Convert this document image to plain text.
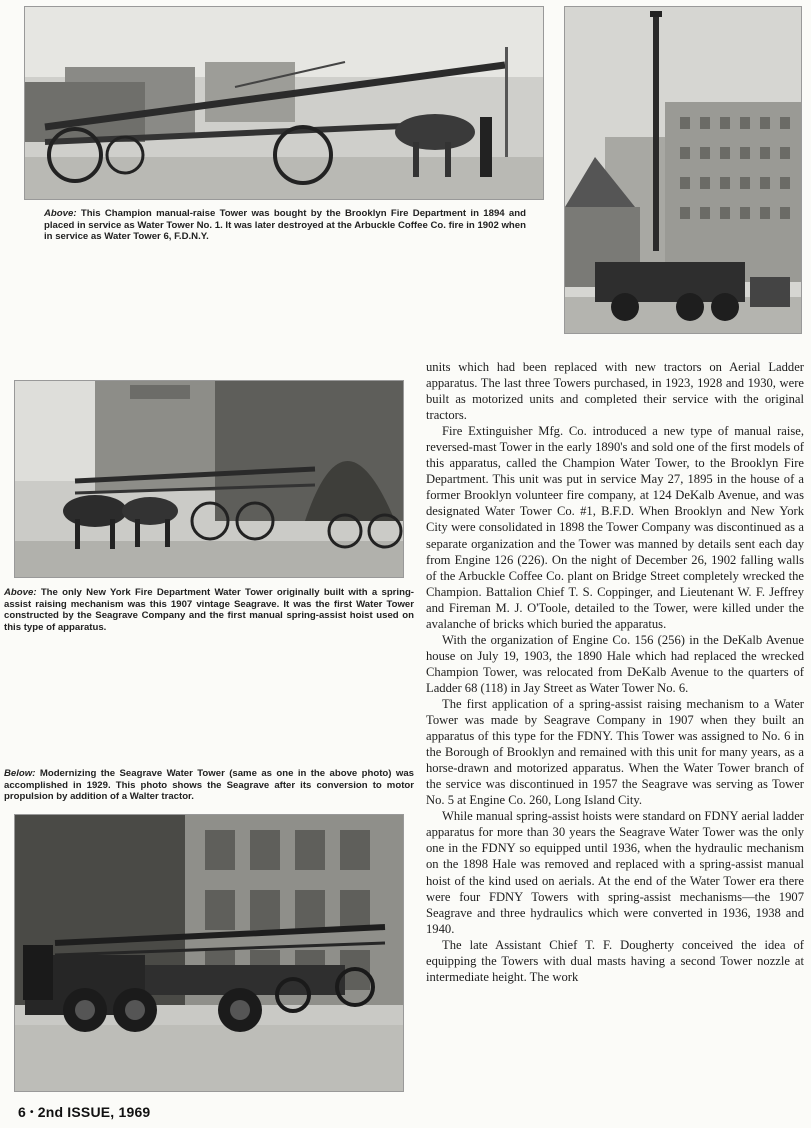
Above: This Champion manual-raise Tower was bought by the Brooklyn Fire Department in 1894 and placed in service as Water Tower No. 1. It was later destroyed at the Arbuckle Coffee Co. fire in 1902 when in service as Water Tower 6, F.D.N.Y.
Above: The only New York Fire Department Water Tower originally built with a spring-assist raising mechanism was this 1907 vintage Seagrave. It was the first Water Tower constructed by the Seagrave Company and the first manual spring-assist hoist used on this type of apparatus.
Below: Modernizing the Seagrave Water Tower (same as one in the above photo) was accomplished in 1929. This photo shows the Seagrave after its conversion to motor propulsion by addition of a Walter tractor.

units which had been replaced with new tractors on Aerial Ladder apparatus. The last three Towers purchased, in 1923, 1928 and 1930, were built as motorized units and completed their service with the original tractors.

Fire Extinguisher Mfg. Co. introduced a new type of manual raise, reversed-mast Tower in the early 1890's and sold one of the first models of this apparatus, called the Champion Water Tower, to the Brooklyn Fire Department. This unit was put in service May 27, 1895 in the house of a former Brooklyn volunteer fire company, at 124 DeKalb Avenue, and was designated Water Tower Co. #1, B.F.D. When Brooklyn and New York City were consolidated in 1898 the Tower Company was discontinued as a separate organization and the Tower was manned by details sent each day from Engine 126 (226). On the night of December 26, 1902 falling walls of the Arbuckle Coffee Co. plant on Bridge Street completely wrecked the Champion. Battalion Chief T. S. Coppinger, and Lieutenant W. F. Jeffrey and Fireman M. J. O'Toole, detailed to the Tower, were killed under the avalanche of bricks which buried the apparatus.

With the organization of Engine Co. 156 (256) in the DeKalb Avenue house on July 19, 1903, the 1890 Hale which had replaced the wrecked Champion Tower, was relocated from DeKalb Avenue to the quarters of Ladder 68 (118) in Jay Street as Water Tower No. 6.

The first application of a spring-assist raising mechanism to a Water Tower was made by Seagrave Company in 1907 when they built an apparatus of this type for the FDNY. This Tower was assigned to No. 6 in the Borough of Brooklyn and remained with this unit for many years, as a horse-drawn and motorized apparatus. When the Water Tower branch of the service was discontinued in 1957 the Seagrave was serving as Tower No. 5 at Engine Co. 260, Long Island City.

While manual spring-assist hoists were standard on FDNY aerial ladder apparatus for more than 30 years the Seagrave Water Tower was the only one in the FDNY so equipped until 1936, when the hydraulic mechanism on the 1898 Hale was removed and replaced with a spring-assist manual hoist of the kind used on aerials. At the end of the Water Tower era there were four FDNY Towers with spring-assist mechanisms—the 1907 Seagrave and three hydraulics which were converted in 1936, 1938 and 1940.

The late Assistant Chief T. F. Dougherty conceived the idea of equipping the Towers with dual masts having a second Tower nozzle at intermediate height. The work

6 • 2nd ISSUE, 1969
